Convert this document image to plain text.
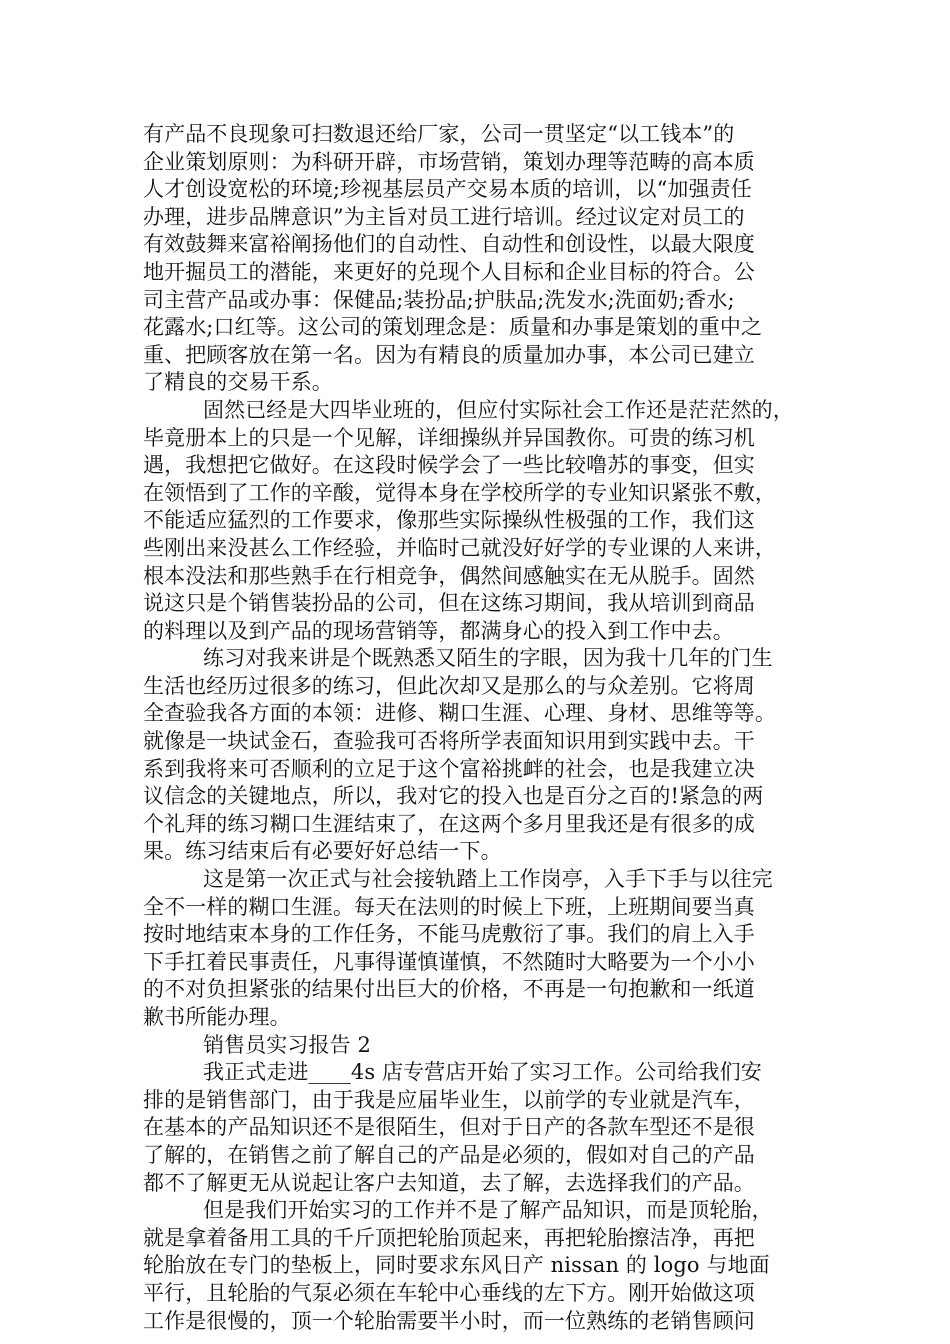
有产品不良现象可扫数退还给厂家，公司一贯坚定“以工钱本”的
企业策划原则：为科研开辟，市场营销，策划办理等范畴的高本质
人才创设宽松的环境;珍视基层员产交易本质的培训，以“加强责任
办理，进步品牌意识”为主旨对员工进行培训。经过议定对员工的
有效鼓舞来富裕阐扬他们的自动性、自动性和创设性，以最大限度
地开掘员工的潜能，来更好的兑现个人目标和企业目标的符合。公
司主营产品或办事：保健品;装扮品;护肤品;洗发水;洗面奶;香水;
花露水;口红等。这公司的策划理念是：质量和办事是策划的重中之
重、把顾客放在第一名。因为有精良的质量加办事，本公司已建立
了精良的交易干系。
固然已经是大四毕业班的，但应付实际社会工作还是茫茫然的，
毕竟册本上的只是一个见解，详细操纵并异国教你。可贵的练习机
遇，我想把它做好。在这段时候学会了一些比较噜苏的事变，但实
在领悟到了工作的辛酸，觉得本身在学校所学的专业知识紧张不敷，
不能适应猛烈的工作要求，像那些实际操纵性极强的工作，我们这
些刚出来没甚么工作经验，并临时己就没好好学的专业课的人来讲，
根本没法和那些熟手在行相竞争，偶然间感触实在无从脱手。固然
说这只是个销售装扮品的公司，但在这练习期间，我从培训到商品
的料理以及到产品的现场营销等，都满身心的投入到工作中去。
练习对我来讲是个既熟悉又陌生的字眼，因为我十几年的门生
生活也经历过很多的练习，但此次却又是那么的与众差别。它将周
全查验我各方面的本领：进修、糊口生涯、心理、身材、思维等等。
就像是一块试金石，查验我可否将所学表面知识用到实践中去。干
系到我将来可否顺利的立足于这个富裕挑衅的社会，也是我建立决
议信念的关键地点，所以，我对它的投入也是百分之百的!紧急的两
个礼拜的练习糊口生涯结束了，在这两个多月里我还是有很多的成
果。练习结束后有必要好好总结一下。
这是第一次正式与社会接轨踏上工作岗亭，入手下手与以往完
全不一样的糊口生涯。每天在法则的时候上下班，上班期间要当真
按时地结束本身的工作任务，不能马虎敷衍了事。我们的肩上入手
下手扛着民事责任，凡事得谨慎谨慎，不然随时大略要为一个小小
的不对负担紧张的结果付出巨大的价格，不再是一句抱歉和一纸道
歉书所能办理。
销售员实习报告 2
我正式走进____4s 店专营店开始了实习工作。公司给我们安
排的是销售部门，由于我是应届毕业生，以前学的专业就是汽车，
在基本的产品知识还不是很陌生，但对于日产的各款车型还不是很
了解的，在销售之前了解自己的产品是必须的，假如对自己的产品
都不了解更无从说起让客户去知道，去了解，去选择我们的产品。
但是我们开始实习的工作并不是了解产品知识，而是顶轮胎，
就是拿着备用工具的千斤顶把轮胎顶起来，再把轮胎擦洁净，再把
轮胎放在专门的垫板上，同时要求东风日产 nissan 的 logo 与地面
平行，且轮胎的气泵必须在车轮中心垂线的左下方。刚开始做这项
工作是很慢的，顶一个轮胎需要半小时，而一位熟练的老销售顾问
